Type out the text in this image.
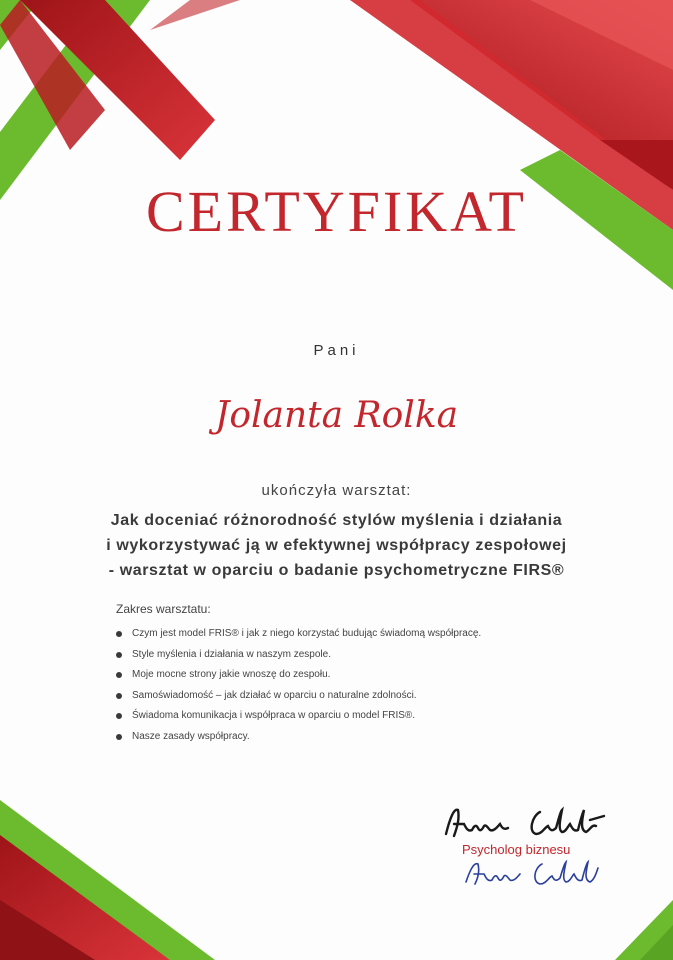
CERTYFIKAT
Pani
Jolanta Rolka
ukończyła warsztat:
Jak doceniać różnorodność stylów myślenia i działania
i wykorzystywać ją w efektywnej współpracy zespołowej
- warsztat w oparciu o badanie psychometryczne FIRS®
Zakres warsztatu:
Czym jest model FRIS® i jak z niego korzystać budując świadomą współpracę.
Style myślenia i działania w naszym zespole.
Moje mocne strony jakie wnoszę do zespołu.
Samoświadomość – jak działać w oparciu o naturalne zdolności.
Świadoma komunikacja i współpraca w oparciu o model FRIS®.
Nasze zasady współpracy.
Psycholog biznesu
